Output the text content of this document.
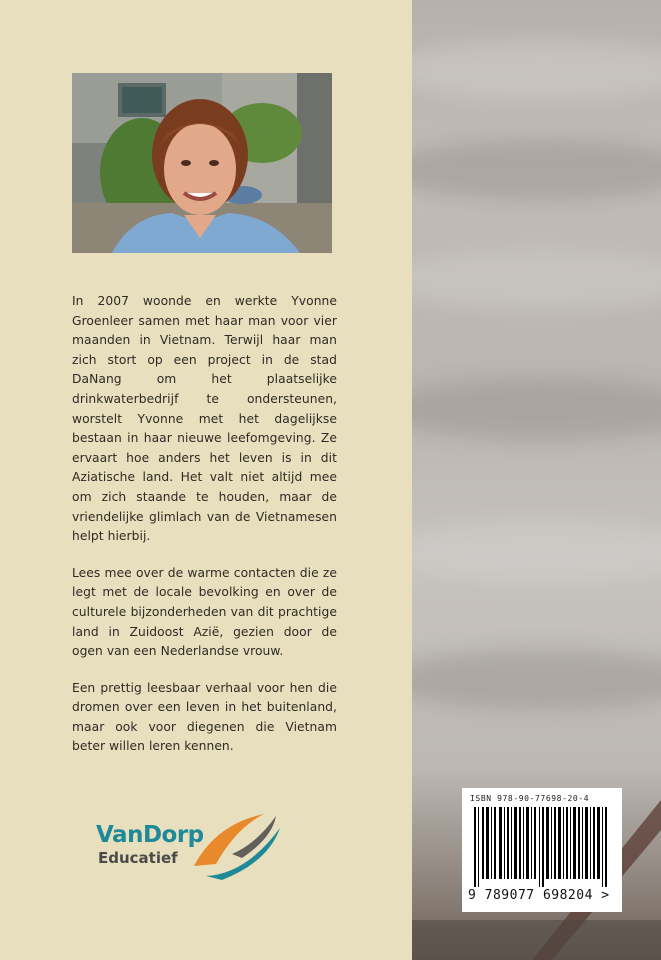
In 2007 woonde en werkte Yvonne Groenleer samen met haar man voor vier maanden in Vietnam. Terwijl haar man zich stort op een project in de stad DaNang om het plaatselijke drinkwaterbedrijf te ondersteunen, worstelt Yvonne met het dagelijkse bestaan in haar nieuwe leefomgeving. Ze ervaart hoe anders het leven is in dit Aziatische land. Het valt niet altijd mee om zich staande te houden, maar de vriendelijke glimlach van de Vietnamesen helpt hierbij.

Lees mee over de warme contacten die ze legt met de locale bevolking en over de culturele bijzonderheden van dit prachtige land in Zuidoost Azië, gezien door de ogen van een Nederlandse vrouw.

Een prettig leesbaar verhaal voor hen die dromen over een leven in het buitenland, maar ook voor diegenen die Vietnam beter willen leren kennen.

VanDorp
Educatief
ISBN 978-90-77698-20-4
9 789077 698204 >
